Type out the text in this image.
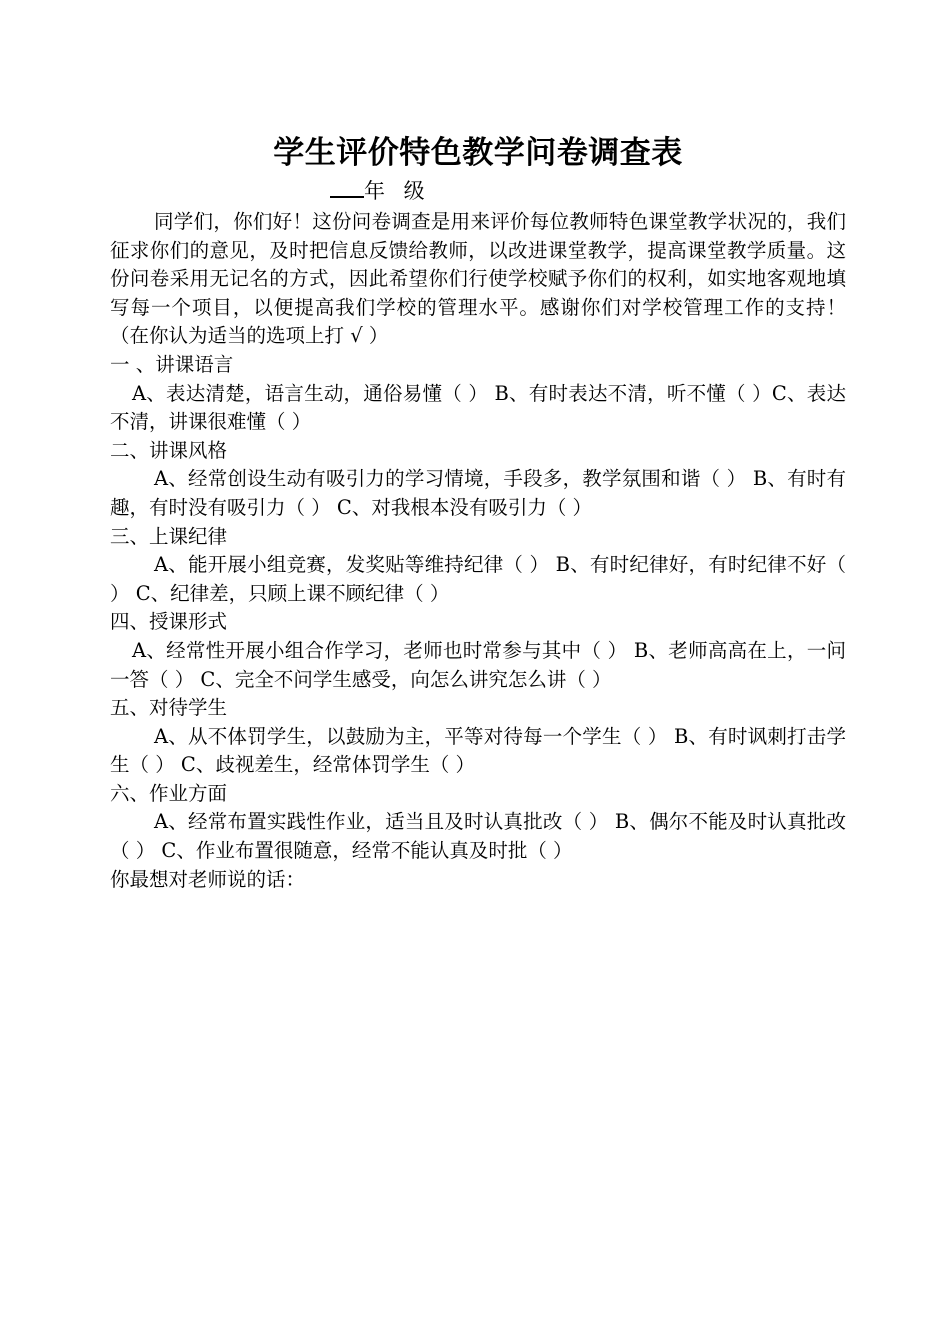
学生评价特色教学问卷调查表
年 级

同学们，你们好！这份问卷调查是用来评价每位教师特色课堂教学状况的，我们征求你们的意见，及时把信息反馈给教师，以改进课堂教学，提高课堂教学质量。这份问卷采用无记名的方式，因此希望你们行使学校赋予你们的权利，如实地客观地填写每一个项目，以便提高我们学校的管理水平。感谢你们对学校管理工作的支持！（在你认为适当的选项上打 √ ）

一 、讲课语言

A、表达清楚，语言生动，通俗易懂（ ） B、有时表达不清，听不懂（ ）C、表达不清，讲课很难懂（ ）

二、讲课风格

A、经常创设生动有吸引力的学习情境，手段多，教学氛围和谐（ ） B、有时有趣，有时没有吸引力（ ） C、对我根本没有吸引力（ ）

三、上课纪律

A、能开展小组竞赛，发奖贴等维持纪律（ ） B、有时纪律好，有时纪律不好（ ） C、纪律差，只顾上课不顾纪律（ ）

四、授课形式

A、经常性开展小组合作学习，老师也时常参与其中（ ） B、老师高高在上，一问一答（ ） C、完全不问学生感受，向怎么讲究怎么讲（ ）

五、对待学生

A、从不体罚学生，以鼓励为主，平等对待每一个学生（ ） B、有时讽刺打击学生（ ） C、歧视差生，经常体罚学生（ ）

六、作业方面

A、经常布置实践性作业，适当且及时认真批改（ ） B、偶尔不能及时认真批改（ ） C、作业布置很随意，经常不能认真及时批（ ）

你最想对老师说的话：
